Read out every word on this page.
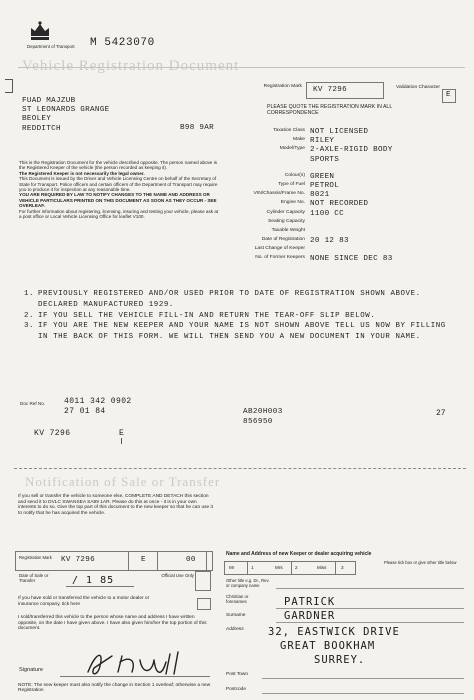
Department of Transport M 5423070
Vehicle Registration Document
Registration Mark KV 7296	Validation Character
E
PLEASE QUOTE THE REGISTRATION MARK IN ALL CORRESPONDENCE
FUAD MAJZUB
ST LEONARDS GRANGE
BEOLEY
REDDITCH	B98 9AR	Taxation Class NOT LICENSED
Make RILEY
Model/Type 2-AXLE-RIGID BODY
SPORTS
Colour(s) GREEN
Type of Fuel PETROL
VIN/Chassis/Frame No. 8021
Engine No. NOT RECORDED
Cylinder Capacity 1100 CC
Seating Capacity
Taxable Weight
Date of Registration 20 12 83
Last Change of Keeper
No. of Former Keepers NONE SINCE DEC 83
This is the Registration Document for the vehicle described opposite. The person named above is the Registered Keeper of the vehicle (the person recorded as keeping it).
The Registered Keeper is not necessarily the legal owner.
This Document is issued by the Driver and Vehicle Licensing Centre on behalf of the Secretary of State for Transport. Police officers and certain officers of the Department of Transport may require you to produce it for inspection at any reasonable time.
YOU ARE REQUIRED BY LAW TO NOTIFY CHANGES TO THE NAME AND ADDRESS OR VEHICLE PARTICULARS PRINTED ON THIS DOCUMENT AS SOON AS THEY OCCUR - SEE OVERLEAF.
For further information about registering, licensing, insuring and testing your vehicle, please ask at a post office or Local Vehicle Licensing Office for leaflet V100.
1. PREVIOUSLY REGISTERED AND/OR USED PRIOR TO DATE OF REGISTRATION SHOWN ABOVE. DECLARED MANUFACTURED 1929.
2. IF YOU SELL THE VEHICLE FILL-IN AND RETURN THE TEAR-OFF SLIP BELOW.
3. IF YOU ARE THE NEW KEEPER AND YOUR NAME IS NOT SHOWN ABOVE TELL US NOW BY FILLING IN THE BACK OF THIS FORM. WE WILL THEN SEND YOU A NEW DOCUMENT IN YOUR NAME.
Doc Ref No. 4011 342 0902
27 01 84	AB20H003
856950
27
KV 7296	E
Notification of Sale or Transfer
If you sell or transfer the vehicle to someone else, COMPLETE AND DETACH this section and send it to DVLC SWANSEA SA99 1AR. Please do this at once - it is in your own interests to do so. Give the top part of this document to the new keeper so that he can use it to notify that he has acquired the vehicle.
Registration Mark KV 7296	E	00
Date of Sale or Transfer	/ 1 85	Official Use Only
If you have sold or transferred the vehicle to a motor dealer or insurance company, tick here
I sold/transferred this vehicle to the person whose name and address I have written opposite, on the date I have given above. I have also given him/her the top portion of this document.
Signature
NOTE: The new keeper must also notify the change in Section 1 overleaf; otherwise a new Registration
Name and Address of new Keeper or dealer acquiring vehicle
Mr	1	Mrs	2	Miss	3
Please tick box or give other title below
Other title e.g. Dr., Rev. or company name
Christian or forenames	PATRICK
Surname	GARDNER
Address 32, EASTWICK DRIVE
GREAT BOOKHAM
SURREY.
Post Town
Postcode
